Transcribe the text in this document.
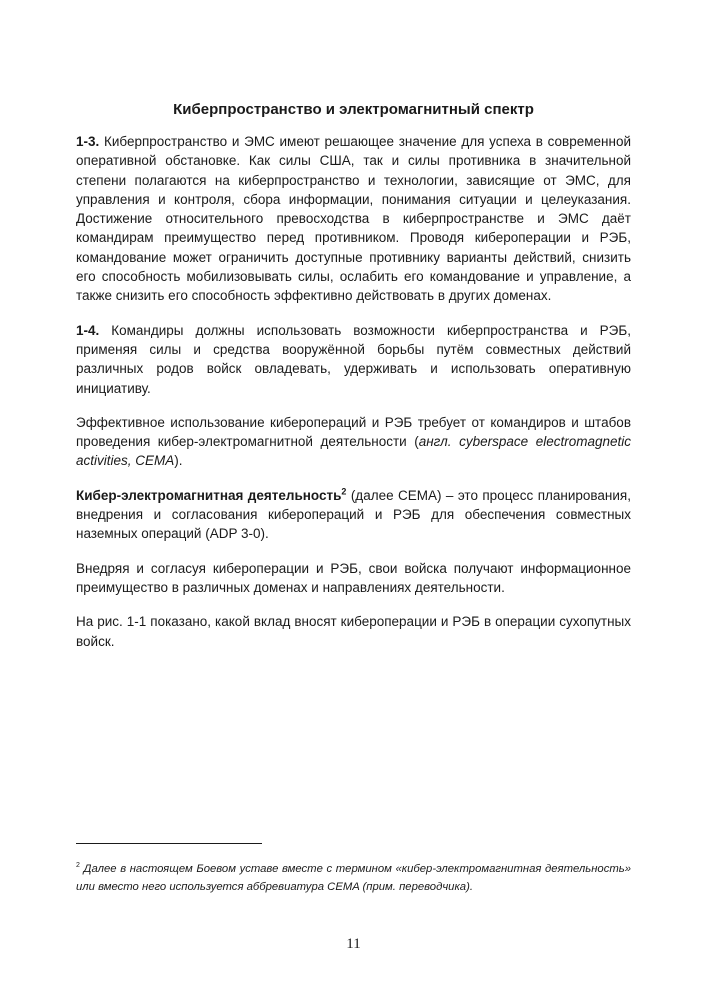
Киберпространство и электромагнитный спектр

1-3. Киберпространство и ЭМС имеют решающее значение для успеха в современной оперативной обстановке. Как силы США, так и силы противника в значительной степени полагаются на киберпространство и технологии, зависящие от ЭМС, для управления и контроля, сбора информации, понимания ситуации и целеуказания. Достижение относительного превосходства в киберпространстве и ЭМС даёт командирам преимущество перед противником. Проводя кибероперации и РЭБ, командование может ограничить доступные противнику варианты действий, снизить его способность мобилизовывать силы, ослабить его командование и управление, а также снизить его способность эффективно действовать в других доменах.

1-4. Командиры должны использовать возможности киберпространства и РЭБ, применяя силы и средства вооружённой борьбы путём совместных действий различных родов войск овладевать, удерживать и использовать оперативную инициативу.

Эффективное использование киберопераций и РЭБ требует от командиров и штабов проведения кибер-электромагнитной деятельности (англ. cyberspace electromagnetic activities, CEMA).

Кибер-электромагнитная деятельность$^2$ (далее CEMA) – это процесс планирования, внедрения и согласования киберопераций и РЭБ для обеспечения совместных наземных операций (ADP 3-0).

Внедряя и согласуя кибероперации и РЭБ, свои войска получают информационное преимущество в различных доменах и направлениях деятельности.

На рис. 1-1 показано, какой вклад вносят кибероперации и РЭБ в операции сухопутных войск.

$^2$ Далее в настоящем Боевом уставе вместе с термином «кибер-электромагнитная деятельность» или вместо него используется аббревиатура CEMA (прим. переводчика).

11
